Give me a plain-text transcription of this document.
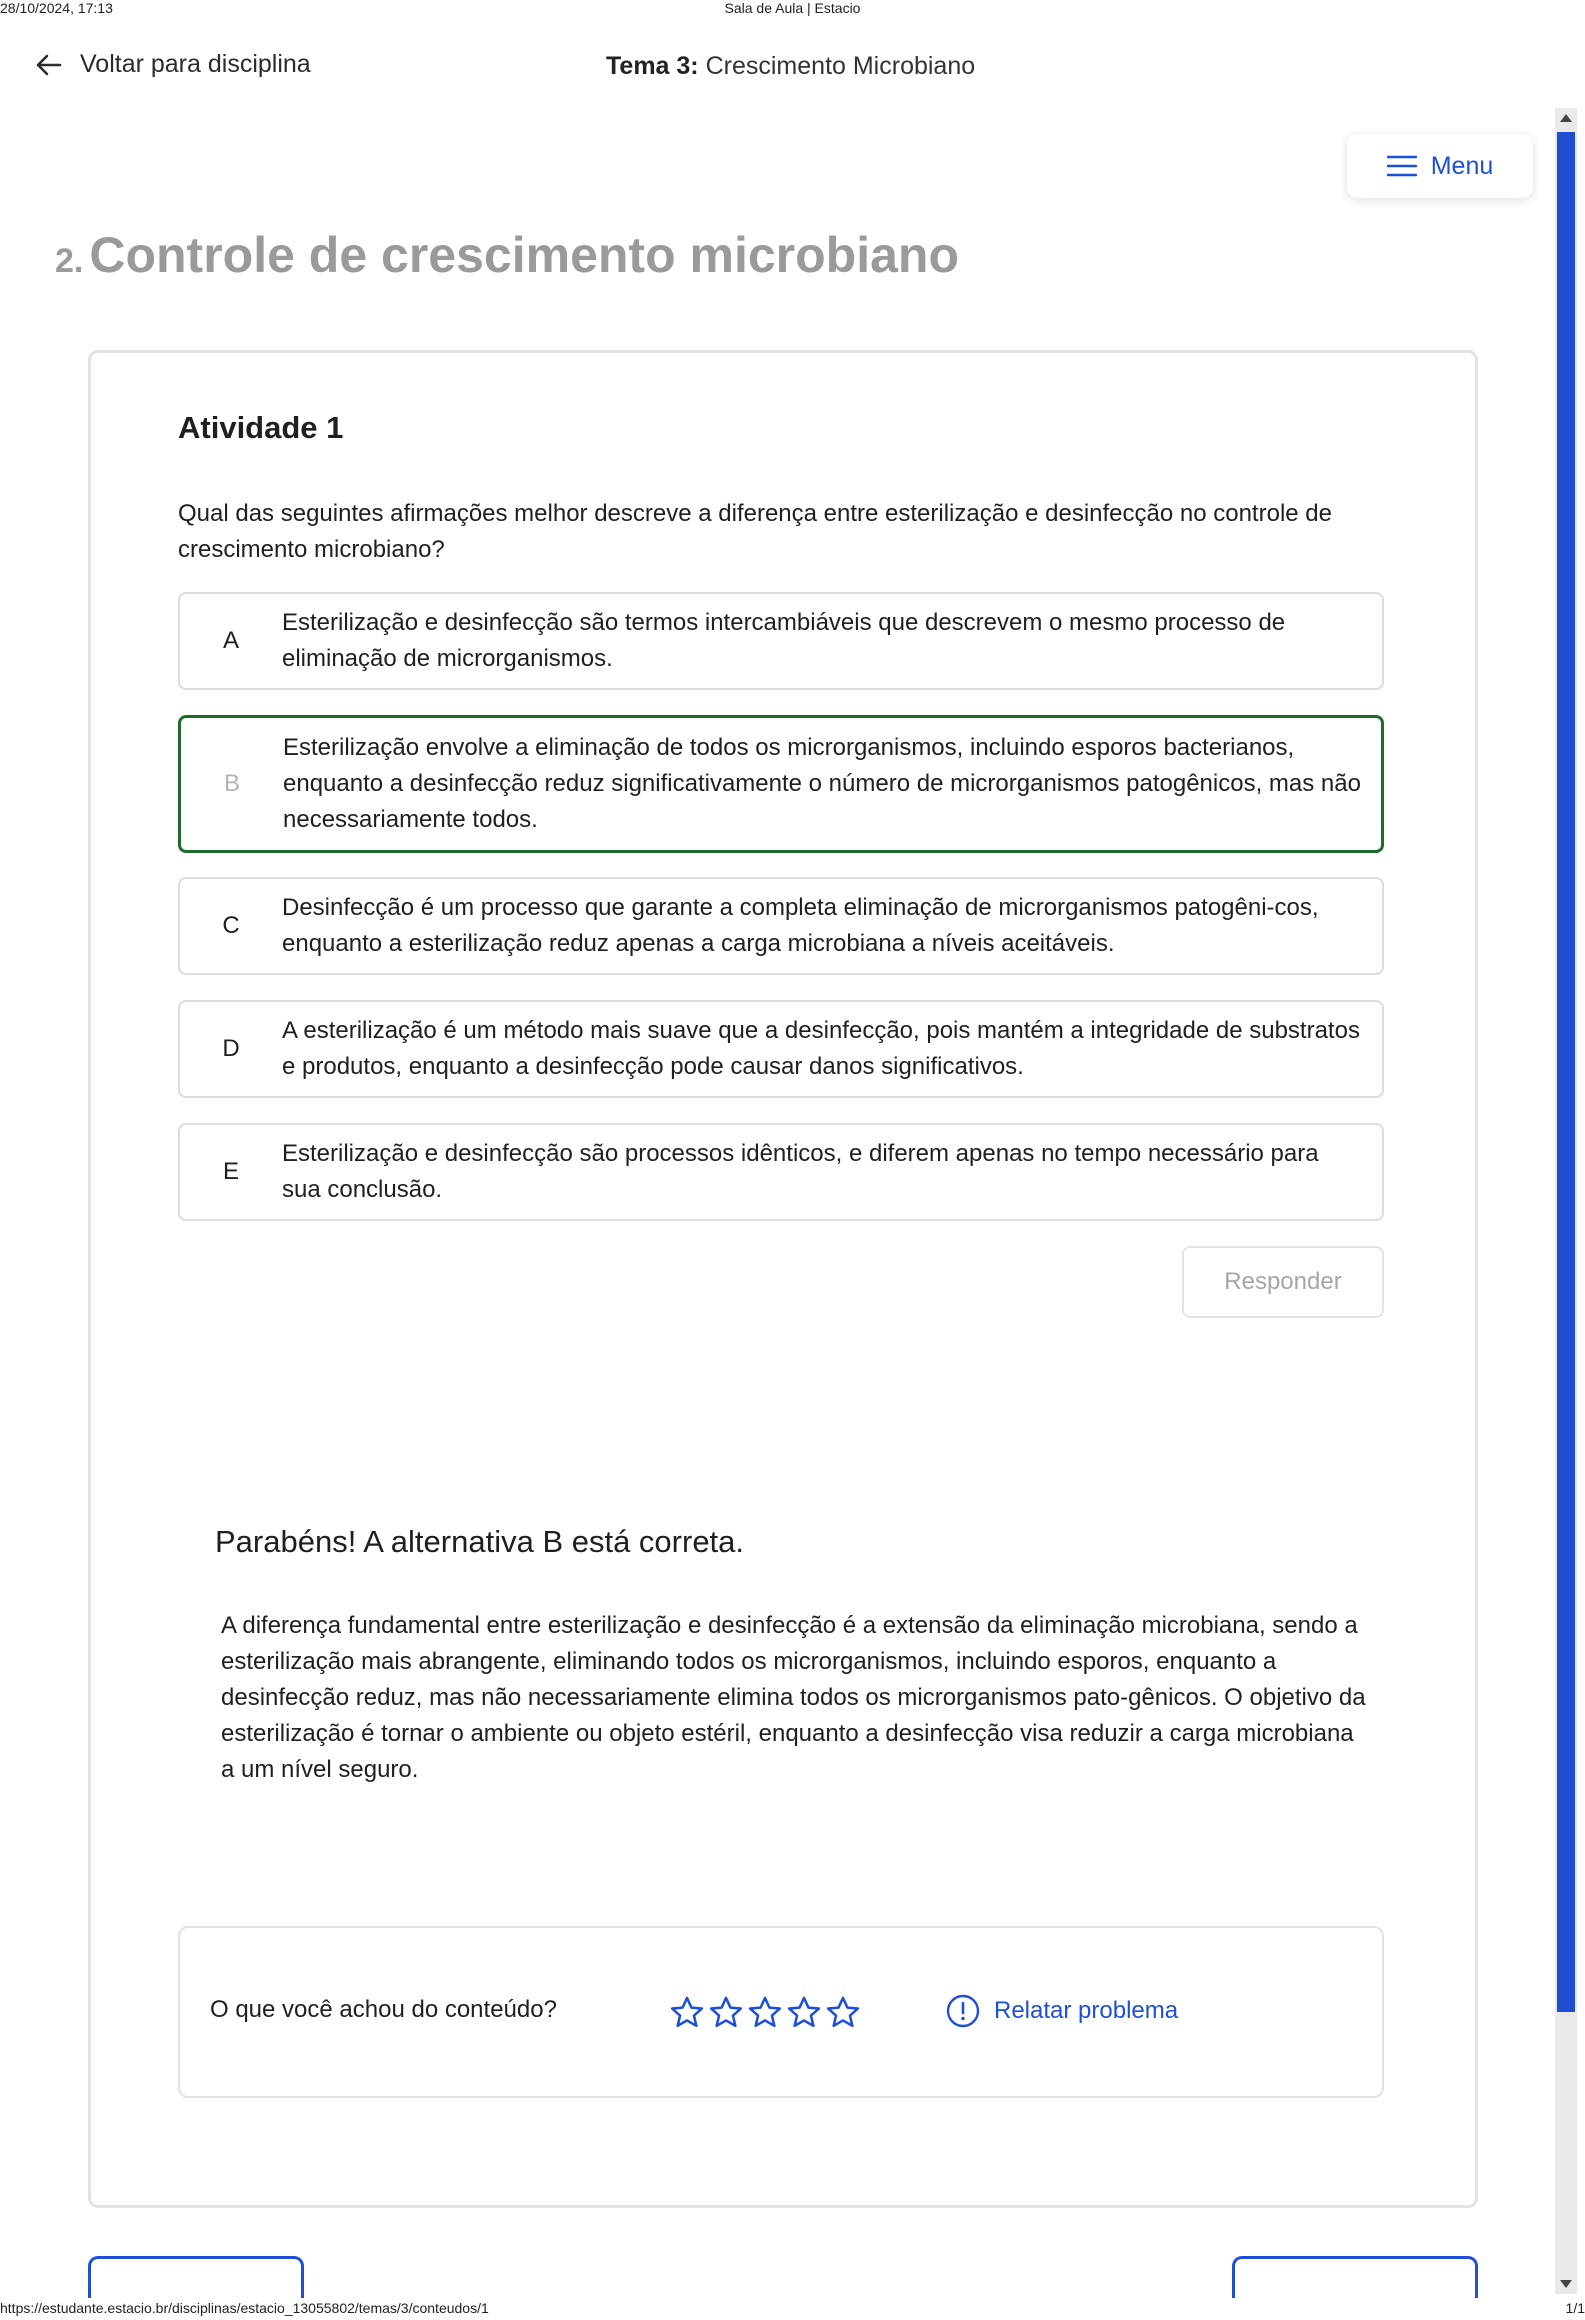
28/10/2024, 17:13	Sala de Aula | Estacio
Voltar para disciplina	Tema 3: Crescimento Microbiano
Menu
2. Controle de crescimento microbiano
Atividade 1
Qual das seguintes afirmações melhor descreve a diferença entre esterilização e desinfecção no controle de crescimento microbiano?
A
Esterilização e desinfecção são termos intercambiáveis que descrevem o mesmo processo de eliminação de microrganismos.
B
Esterilização envolve a eliminação de todos os microrganismos, incluindo esporos bacterianos, enquanto a desinfecção reduz significativamente o número de microrganismos patogênicos, mas não necessariamente todos.
C
Desinfecção é um processo que garante a completa eliminação de microrganismos patogêni-cos, enquanto a esterilização reduz apenas a carga microbiana a níveis aceitáveis.
D
A esterilização é um método mais suave que a desinfecção, pois mantém a integridade de substratos e produtos, enquanto a desinfecção pode causar danos significativos.
E
Esterilização e desinfecção são processos idênticos, e diferem apenas no tempo necessário para sua conclusão.
Responder
Parabéns! A alternativa B está correta.
A diferença fundamental entre esterilização e desinfecção é a extensão da eliminação microbiana, sendo a esterilização mais abrangente, eliminando todos os microrganismos, incluindo esporos, enquanto a desinfecção reduz, mas não necessariamente elimina todos os microrganismos pato-gênicos. O objetivo da esterilização é tornar o ambiente ou objeto estéril, enquanto a desinfecção visa reduzir a carga microbiana a um nível seguro.
O que você achou do conteúdo?	Relatar problema
https://estudante.estacio.br/disciplinas/estacio_13055802/temas/3/conteudos/1	1/1
